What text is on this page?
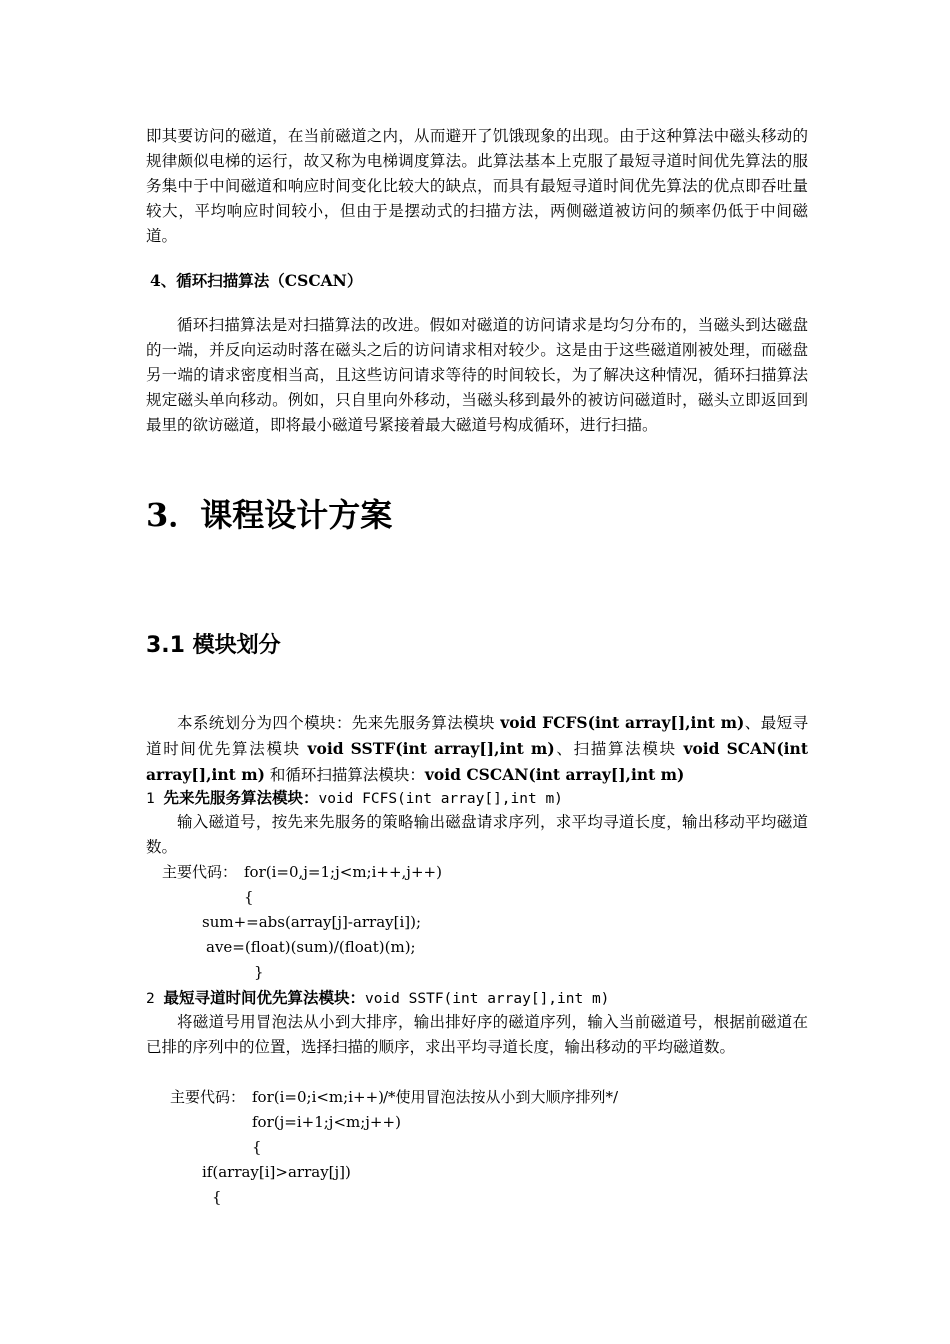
即其要访问的磁道，在当前磁道之内，从而避开了饥饿现象的出现。由于这种算法中磁头移动的规律颇似电梯的运行，故又称为电梯调度算法。此算法基本上克服了最短寻道时间优先算法的服务集中于中间磁道和响应时间变化比较大的缺点，而具有最短寻道时间优先算法的优点即吞吐量较大，平均响应时间较小，但由于是摆动式的扫描方法，两侧磁道被访问的频率仍低于中间磁道。
4、循环扫描算法（CSCAN）
循环扫描算法是对扫描算法的改进。假如对磁道的访问请求是均匀分布的，当磁头到达磁盘的一端，并反向运动时落在磁头之后的访问请求相对较少。这是由于这些磁道刚被处理，而磁盘另一端的请求密度相当高，且这些访问请求等待的时间较长，为了解决这种情况，循环扫描算法规定磁头单向移动。例如，只自里向外移动，当磁头移到最外的被访问磁道时，磁头立即返回到最里的欲访磁道，即将最小磁道号紧接着最大磁道号构成循环，进行扫描。
3．课程设计方案
3.1 模块划分
本系统划分为四个模块：先来先服务算法模块 void FCFS(int array[],int m)、最短寻道时间优先算法模块 void SSTF(int array[],int m)、扫描算法模块 void SCAN(int array[],int m) 和循环扫描算法模块：void CSCAN(int array[],int m)
1 先来先服务算法模块：void FCFS(int array[],int m)
输入磁道号，按先来先服务的策略输出磁盘请求序列，求平均寻道长度，输出移动平均磁道数。
主要代码： for(i=0,j=1;j<m;i++,j++)
{
sum+=abs(array[j]-array[i]);
ave=(float)(sum)/(float)(m);
}
2 最短寻道时间优先算法模块：void SSTF(int array[],int m)
将磁道号用冒泡法从小到大排序，输出排好序的磁道序列，输入当前磁道号，根据前磁道在已排的序列中的位置，选择扫描的顺序，求出平均寻道长度，输出移动的平均磁道数。
主要代码： for(i=0;i<m;i++) /*使用冒泡法按从小到大顺序排列*/
for(j=i+1;j<m;j++)
{
if(array[i]>array[j])
{
